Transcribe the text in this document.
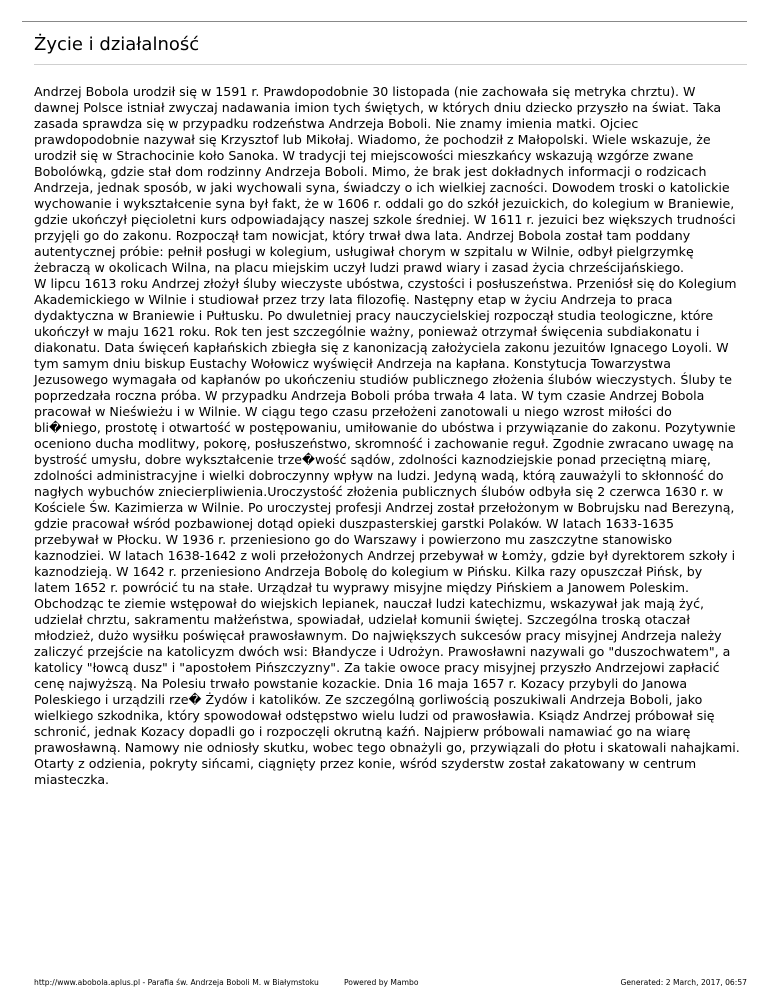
Życie i działalność

Andrzej Bobola urodził się w 1591 r. Prawdopodobnie 30 listopada (nie zachowała się metryka chrztu). W dawnej Polsce istniał zwyczaj nadawania imion tych świętych, w których dniu dziecko przyszło na świat. Taka zasada sprawdza się w przypadku rodzeństwa Andrzeja Boboli. Nie znamy imienia matki. Ojciec prawdopodobnie nazywał się Krzysztof lub Mikołaj. Wiadomo, że pochodził z Małopolski. Wiele wskazuje, że urodził się w Strachocinie koło Sanoka. W tradycji tej miejscowości mieszkańcy wskazują wzgórze zwane Bobolówką, gdzie stał dom rodzinny Andrzeja Boboli. Mimo, że brak jest dokładnych informacji o rodzicach Andrzeja, jednak sposób, w jaki wychowali syna, świadczy o ich wielkiej zacności. Dowodem troski o katolickie wychowanie i wykształcenie syna był fakt, że w 1606 r. oddali go do szkół jezuickich, do kolegium w Braniewie, gdzie ukończył pięcioletni kurs odpowiadający naszej szkole średniej. W 1611 r. jezuici bez większych trudności przyjęli go do zakonu. Rozpoczął tam nowicjat, który trwał dwa lata. Andrzej Bobola został tam poddany autentycznej próbie: pełnił posługi w kolegium, usługiwał chorym w szpitalu w Wilnie, odbył pielgrzymkę żebraczą w okolicach Wilna, na placu miejskim uczył ludzi prawd wiary i zasad życia chrześcijańskiego.

W lipcu 1613 roku Andrzej złożył śluby wieczyste ubóstwa, czystości i posłuszeństwa. Przeniósł się do Kolegium Akademickiego w Wilnie i studiował przez trzy lata filozofię. Następny etap w życiu Andrzeja to praca dydaktyczna w Braniewie i Pułtusku. Po dwuletniej pracy nauczycielskiej rozpoczął studia teologiczne, które ukończył w maju 1621 roku. Rok ten jest szczególnie ważny, ponieważ otrzymał święcenia subdiakonatu i diakonatu. Data święceń kapłańskich zbiegła się z kanonizacją założyciela zakonu jezuitów Ignacego Loyoli. W tym samym dniu biskup Eustachy Wołowicz wyświęcił Andrzeja na kapłana. Konstytucja Towarzystwa Jezusowego wymagała od kapłanów po ukończeniu studiów publicznego złożenia ślubów wieczystych. Śluby te poprzedzała roczna próba. W przypadku Andrzeja Boboli próba trwała 4 lata. W tym czasie Andrzej Bobola pracował w Nieświeżu i w Wilnie. W ciągu tego czasu przełożeni zanotowali u niego wzrost miłości do bli�niego, prostotę i otwartość w postępowaniu, umiłowanie do ubóstwa i przywiązanie do zakonu. Pozytywnie oceniono ducha modlitwy, pokorę, posłuszeństwo, skromność i zachowanie reguł. Zgodnie zwracano uwagę na bystrość umysłu, dobre wykształcenie trze�wość sądów, zdolności kaznodziejskie ponad przeciętną miarę, zdolności administracyjne i wielki dobroczynny wpływ na ludzi. Jedyną wadą, którą zauważyli to skłonność do nagłych wybuchów zniecierpliwienia.Uroczystość złożenia publicznych ślubów odbyła się 2 czerwca 1630 r. w Kościele Św. Kazimierza w Wilnie. Po uroczystej profesji Andrzej został przełożonym w Bobrujsku nad Berezyną, gdzie pracował wśród pozbawionej dotąd opieki duszpasterskiej garstki Polaków. W latach 1633-1635 przebywał w Płocku. W 1936 r. przeniesiono go do Warszawy i powierzono mu zaszczytne stanowisko kaznodziei. W latach 1638-1642 z woli przełożonych Andrzej przebywał w Łomży, gdzie był dyrektorem szkoły i kaznodzieją. W 1642 r. przeniesiono Andrzeja Bobolę do kolegium w Pińsku. Kilka razy opuszczał Pińsk, by latem 1652 r. powrócić tu na stałe. Urządzał tu wyprawy misyjne między Pińskiem a Janowem Poleskim. Obchodząc te ziemie wstępował do wiejskich lepianek, nauczał ludzi katechizmu, wskazywał jak mają żyć, udzielał chrztu, sakramentu małżeństwa, spowiadał, udzielał komunii świętej. Szczególna troską otaczał młodzież, dużo wysiłku poświęcał prawosławnym. Do największych sukcesów pracy misyjnej Andrzeja należy zaliczyć przejście na katolicyzm dwóch wsi: Błandycze i Udrożyn. Prawosławni nazywali go "duszochwatem", a katolicy "łowcą dusz" i "apostołem Pińszczyzny". Za takie owoce pracy misyjnej przyszło Andrzejowi zapłacić cenę najwyższą. Na Polesiu trwało powstanie kozackie. Dnia 16 maja 1657 r. Kozacy przybyli do Janowa Poleskiego i urządzili rze� Żydów i katolików. Ze szczególną gorliwością poszukiwali Andrzeja Boboli, jako wielkiego szkodnika, który spowodował odstępstwo wielu ludzi od prawosławia. Ksiądz Andrzej próbował się schronić, jednak Kozacy dopadli go i rozpoczęli okrutną kaźń. Najpierw próbowali namawiać go na wiarę prawosławną. Namowy nie odniosły skutku, wobec tego obnażyli go, przywiązali do płotu i skatowali nahajkami. Otarty z odzienia, pokryty sińcami, ciągnięty przez konie, wśród szyderstw został zakatowany w centrum miasteczka.

http://www.abobola.aplus.pl - Parafia św. Andrzeja Boboli M. w Białymstoku	Powered by Mambo	Generated: 2 March, 2017, 06:57
